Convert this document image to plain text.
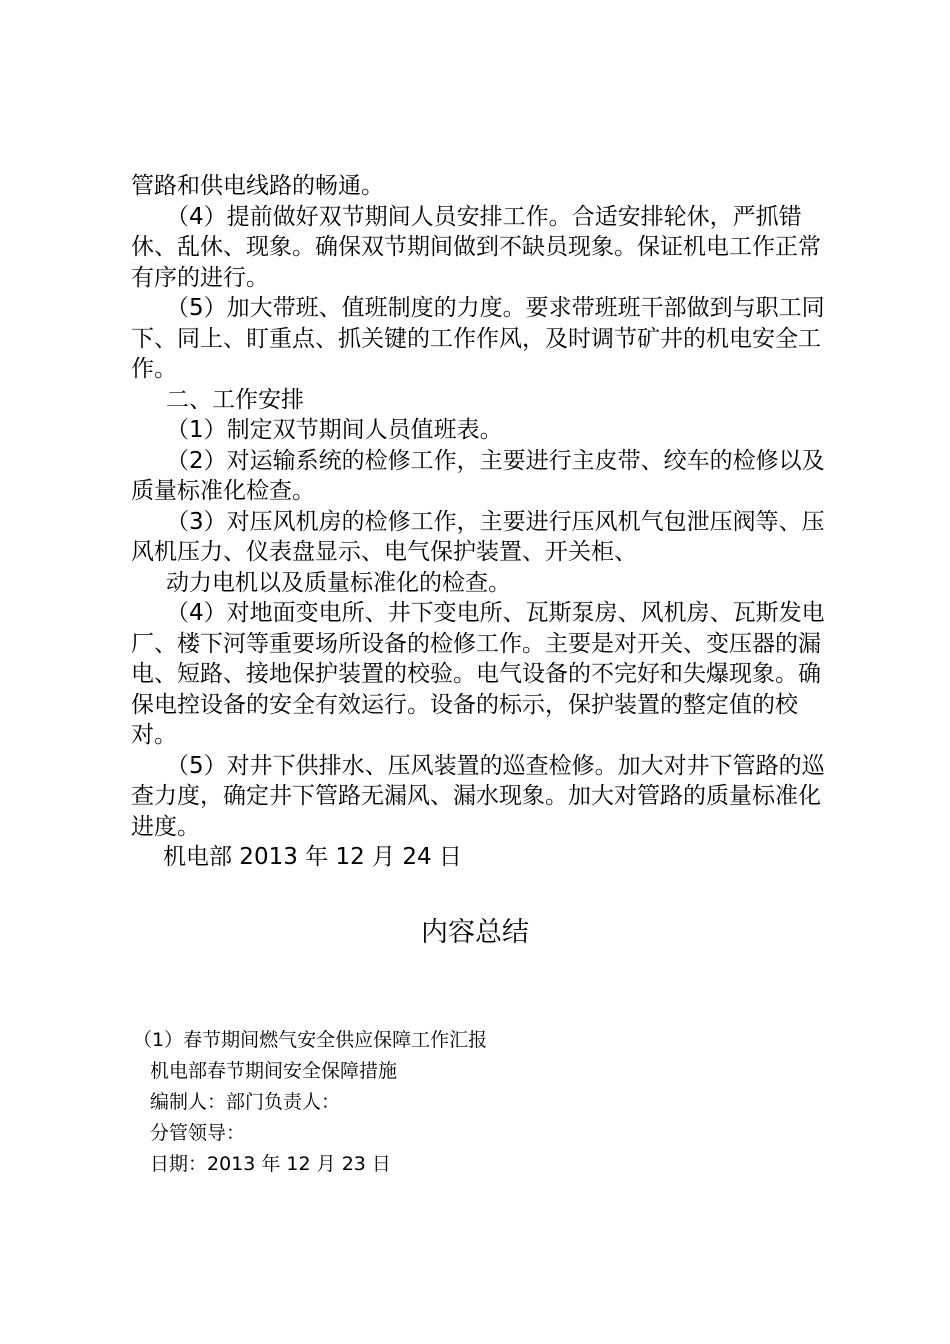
管路和供电线路的畅通。

（4）提前做好双节期间人员安排工作。合适安排轮休，严抓错休、乱休、现象。确保双节期间做到不缺员现象。保证机电工作正常有序的进行。

（5）加大带班、值班制度的力度。要求带班班干部做到与职工同下、同上、盯重点、抓关键的工作作风，及时调节矿井的机电安全工作。

二、工作安排

（1）制定双节期间人员值班表。

（2）对运输系统的检修工作，主要进行主皮带、绞车的检修以及质量标准化检查。

（3）对压风机房的检修工作，主要进行压风机气包泄压阀等、压风机压力、仪表盘显示、电气保护装置、开关柜、

动力电机以及质量标准化的检查。

（4）对地面变电所、井下变电所、瓦斯泵房、风机房、瓦斯发电厂、楼下河等重要场所设备的检修工作。主要是对开关、变压器的漏电、短路、接地保护装置的校验。电气设备的不完好和失爆现象。确保电控设备的安全有效运行。设备的标示，保护装置的整定值的校对。

（5）对井下供排水、压风装置的巡查检修。加大对井下管路的巡查力度，确定井下管路无漏风、漏水现象。加大对管路的质量标准化进度。

机电部 2013 年 12 月 24 日

内容总结

（1）春节期间燃气安全供应保障工作汇报

机电部春节期间安全保障措施

编制人：部门负责人：

分管领导：

日期：2013 年 12 月 23 日
